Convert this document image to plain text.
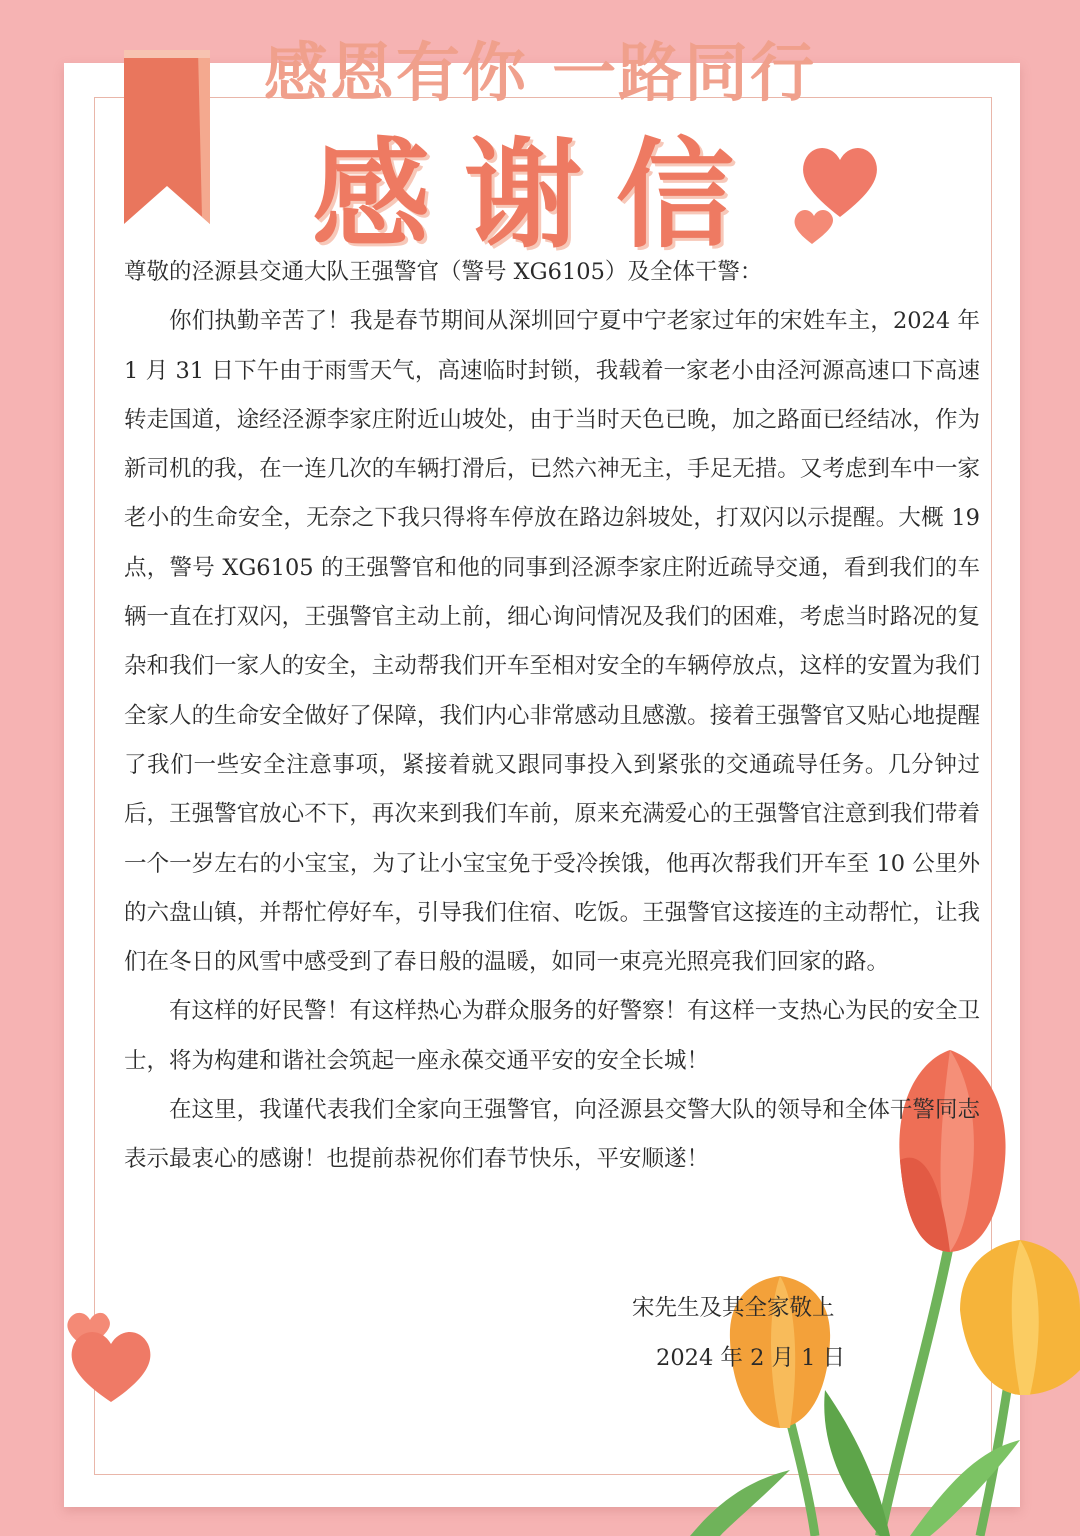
感恩有你 一路同行
感谢信

尊敬的泾源县交通大队王强警官（警号 XG6105）及全体干警：

你们执勤辛苦了！我是春节期间从深圳回宁夏中宁老家过年的宋姓车主，2024 年 1 月 31 日下午由于雨雪天气，高速临时封锁，我载着一家老小由泾河源高速口下高速转走国道，途经泾源李家庄附近山坡处，由于当时天色已晚，加之路面已经结冰，作为新司机的我，在一连几次的车辆打滑后，已然六神无主，手足无措。又考虑到车中一家老小的生命安全，无奈之下我只得将车停放在路边斜坡处，打双闪以示提醒。大概 19 点，警号 XG6105 的王强警官和他的同事到泾源李家庄附近疏导交通，看到我们的车辆一直在打双闪，王强警官主动上前，细心询问情况及我们的困难，考虑当时路况的复杂和我们一家人的安全，主动帮我们开车至相对安全的车辆停放点，这样的安置为我们全家人的生命安全做好了保障，我们内心非常感动且感激。接着王强警官又贴心地提醒了我们一些安全注意事项，紧接着就又跟同事投入到紧张的交通疏导任务。几分钟过后，王强警官放心不下，再次来到我们车前，原来充满爱心的王强警官注意到我们带着一个一岁左右的小宝宝，为了让小宝宝免于受冷挨饿，他再次帮我们开车至 10 公里外的六盘山镇，并帮忙停好车，引导我们住宿、吃饭。王强警官这接连的主动帮忙，让我们在冬日的风雪中感受到了春日般的温暖，如同一束亮光照亮我们回家的路。

有这样的好民警！有这样热心为群众服务的好警察！有这样一支热心为民的安全卫士，将为构建和谐社会筑起一座永葆交通平安的安全长城！

在这里，我谨代表我们全家向王强警官，向泾源县交警大队的领导和全体干警同志表示最衷心的感谢！也提前恭祝你们春节快乐，平安顺遂！

宋先生及其全家敬上
2024 年 2 月 1 日
